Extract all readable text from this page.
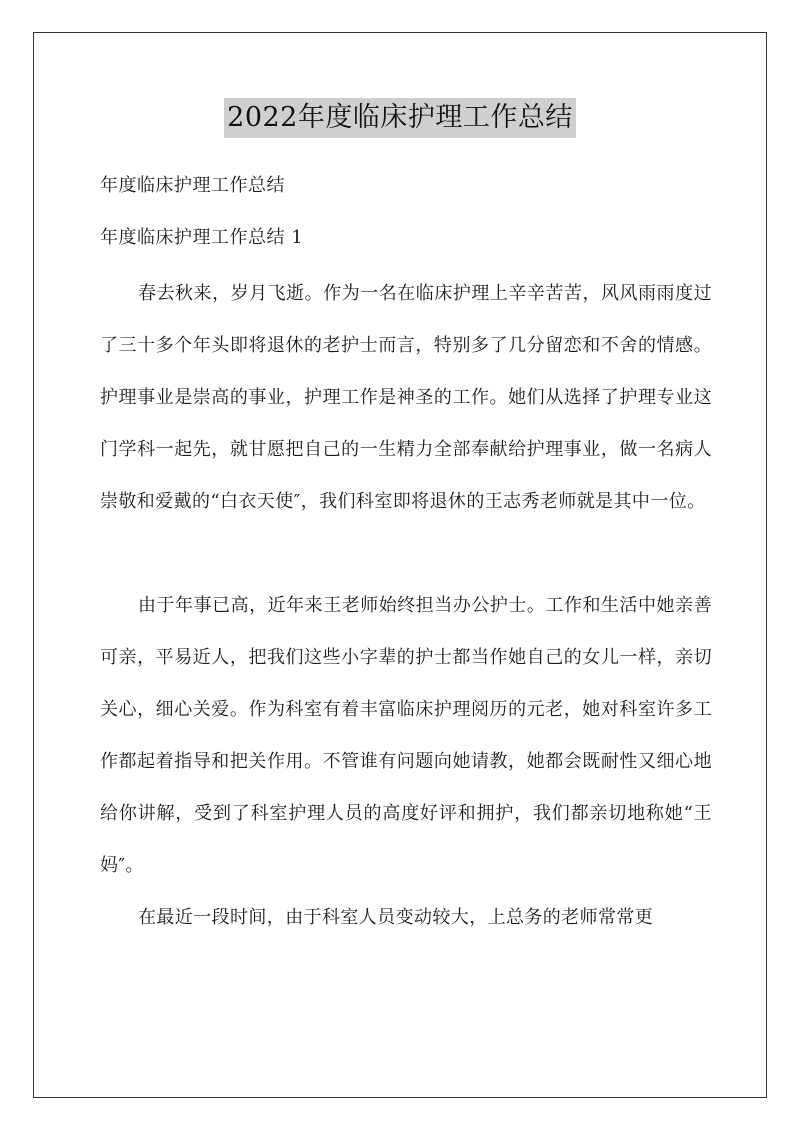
2022年度临床护理工作总结

年度临床护理工作总结

年度临床护理工作总结 1

春去秋来，岁月飞逝。作为一名在临床护理上辛辛苦苦，风风雨雨度过了三十多个年头即将退休的老护士而言，特别多了几分留恋和不舍的情感。护理事业是崇高的事业，护理工作是神圣的工作。她们从选择了护理专业这门学科一起先，就甘愿把自己的一生精力全部奉献给护理事业，做一名病人崇敬和爱戴的“白衣天使″，我们科室即将退休的王志秀老师就是其中一位。

由于年事已高，近年来王老师始终担当办公护士。工作和生活中她亲善可亲，平易近人，把我们这些小字辈的护士都当作她自己的女儿一样，亲切关心，细心关爱。作为科室有着丰富临床护理阅历的元老，她对科室许多工作都起着指导和把关作用。不管谁有问题向她请教，她都会既耐性又细心地给你讲解，受到了科室护理人员的高度好评和拥护，我们都亲切地称她“王妈″。

在最近一段时间，由于科室人员变动较大，上总务的老师常常更
